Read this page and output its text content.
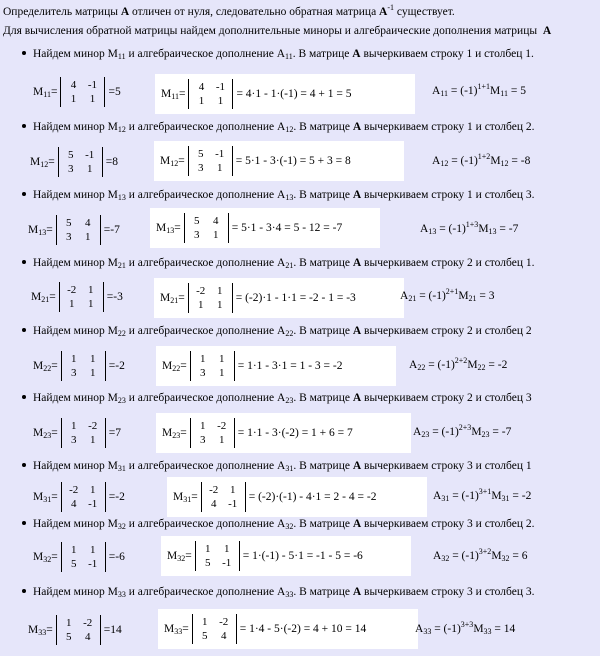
Определитель матрицы A отличен от нуля, следовательно обратная матрица $A^{-1}$ существует.
Для вычисления обратной матрицы найдем дополнительные миноры и алгебраические дополнения матрицы A
Найдем минор $M_{11}$ и алгебраическое дополнение $A_{11}$. В матрице A вычеркиваем строку 1 и столбец 1.
$M_{11}$ =
4 -1
1 1
= 5	$M_{11}$ =
4 -1
1 1
= 4·1 - 1·(-1) = 4 + 1 = 5	$A_{11} = (-1)^{1+1}M_{11} = 5$
Найдем минор $M_{12}$ и алгебраическое дополнение $A_{12}$. В матрице A вычеркиваем строку 1 и столбец 2.
$M_{12}$ =
5 -1
3 1
= 8	$M_{12}$ =
5 -1
3 1
= 5·1 - 3·(-1) = 5 + 3 = 8	$A_{12} = (-1)^{1+2}M_{12} = -8$
Найдем минор $M_{13}$ и алгебраическое дополнение $A_{13}$. В матрице A вычеркиваем строку 1 и столбец 3.
$M_{13}$ =
5 4
3 1
= -7	$M_{13}$ =
5 4
3 1
= 5·1 - 3·4 = 5 - 12 = -7	$A_{13} = (-1)^{1+3}M_{13} = -7$
Найдем минор $M_{21}$ и алгебраическое дополнение $A_{21}$. В матрице A вычеркиваем строку 2 и столбец 1.
$M_{21}$ =
-2 1
1 1
= -3	$M_{21}$ =
-2 1
1 1
= (-2)·1 - 1·1 = -2 - 1 = -3	$A_{21} = (-1)^{2+1}M_{21} = 3$
Найдем минор $M_{22}$ и алгебраическое дополнение $A_{22}$. В матрице A вычеркиваем строку 2 и столбец 2
$M_{22}$ =
1 1
3 1
= -2	$M_{22}$ =
1 1
3 1
= 1·1 - 3·1 = 1 - 3 = -2	$A_{22} = (-1)^{2+2}M_{22} = -2$
Найдем минор $M_{23}$ и алгебраическое дополнение $A_{23}$. В матрице A вычеркиваем строку 2 и столбец 3
$M_{23}$ =
1 -2
3 1
= 7	$M_{23}$ =
1 -2
3 1
= 1·1 - 3·(-2) = 1 + 6 = 7	$A_{23} = (-1)^{2+3}M_{23} = -7$
Найдем минор $M_{31}$ и алгебраическое дополнение $A_{31}$. В матрице A вычеркиваем строку 3 и столбец 1
$M_{31}$ =
-2 1
4 -1
= -2	$M_{31}$ =
-2 1
4 -1
= (-2)·(-1) - 4·1 = 2 - 4 = -2	$A_{31} = (-1)^{3+1}M_{31} = -2$
Найдем минор $M_{32}$ и алгебраическое дополнение $A_{32}$. В матрице A вычеркиваем строку 3 и столбец 2.
$M_{32}$ =
1 1
5 -1
= -6	$M_{32}$ =
1 1
5 -1
= 1·(-1) - 5·1 = -1 - 5 = -6	$A_{32} = (-1)^{3+2}M_{32} = 6$
Найдем минор $M_{33}$ и алгебраическое дополнение $A_{33}$. В матрице A вычеркиваем строку 3 и столбец 3.
$M_{33}$ =
1 -2
5 4
= 14	$M_{33}$ =
1 -2
5 4
= 1·4 - 5·(-2) = 4 + 10 = 14	$A_{33} = (-1)^{3+3}M_{33} = 14$
